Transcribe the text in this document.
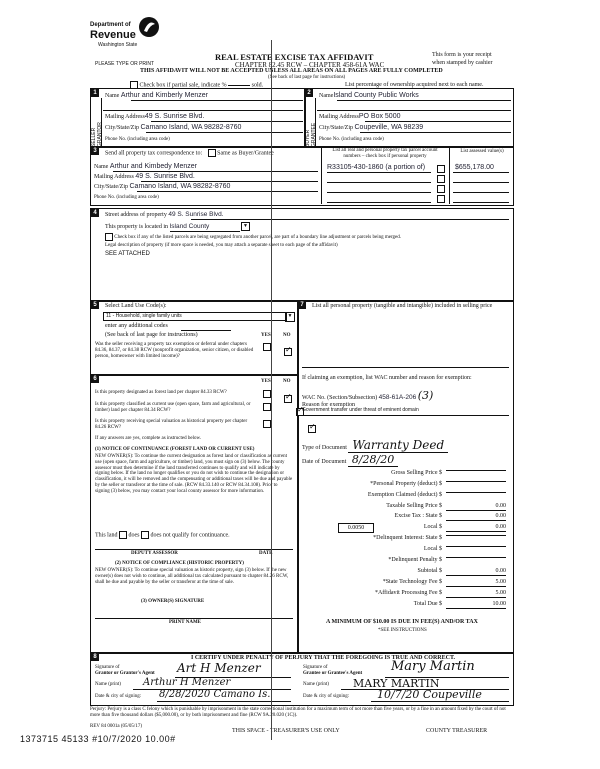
Department of
Revenue
Washington State
PLEASE TYPE OR PRINT
REAL ESTATE EXCISE TAX AFFIDAVIT
CHAPTER 82.45 RCW – CHAPTER 458-61A WAC
This form is your receipt
when stamped by cashier
THIS AFFIDAVIT WILL NOT BE ACCEPTED UNLESS ALL AREAS ON ALL PAGES ARE FULLY COMPLETED
(See back of last page for instructions)
Check box if partial sale, indicate %	sold.	List percentage of ownership acquired next to each name.
1
SELLER GRANTOR
Name Arthur and Kimberly Menzer
Mailing Address49 S. Sunrise Blvd.
City/State/Zip Camano Island, WA 98282-8760
Phone No. (including area code)
2
BUYER GRANTEE
NameIsland County Public Works
Mailing AddressPO Box 5000
City/State/Zip Coupeville, WA 98239
Phone No. (including area code)
3	Send all property tax correspondence to:	Same as Buyer/Grantee	List all real and personal property tax parcel account numbers – check box if personal property
List assessed value(s)
Name Arthur and Kimbedy Menzer
Mailing Address 49 S. Sunrise Blvd.
City/State/Zip Camano Island, WA 98282-8760
Phone No. (including area code)
R33105-430-1860 (a portion of)	$655,178.00
4	Street address of property 49 S. Sunrise Blvd.
This property is located in Island County	▼
Check box if any of the listed parcels are being segregated from another parcel, are part of a boundary line adjustment or parcels being merged.
Legal description of property (if more space is needed, you may attach a separate sheet to each page of the affidavit)
SEE ATTACHED
5	Select Land Use Code(s):
11 - Household, single family units	▼
enter any additional codes
(See back of last page for instructions)	YES NO
Was the seller receiving a property tax exemption or deferral under chapters 84.36, 84.37, or 84.38 RCW (nonprofit organization, senior citizen, or disabled person, homeowner with limited income)?
✓
6	YES NO
Is this property designated as forest land per chapter 84.33 RCW?
✓
Is this property classified as current use (open space, farm and agricultural, or timber) land per chapter 84.34 RCW?
✓
Is this property receiving special valuation as historical property per chapter 84.26 RCW?
✓
If any answers are yes, complete as instructed below.
(1) NOTICE OF CONTINUANCE (FOREST LAND OR CURRENT USE)
NEW OWNER(S): To continue the current designation as forest land or classification as current use (open space, farm and agriculture, or timber) land, you must sign on (3) below. The county assessor must then determine if the land transferred continues to qualify and will indicate by signing below. If the land no longer qualifies or you do not wish to continue the designation or classification, it will be removed and the compensating or additional taxes will be due and payable by the seller or transferor at the time of sale. (RCW 84.33.140 or RCW 84.34.108). Prior to signing (3) below, you may contact your local county assessor for more information.
This land does does not qualify for continuance.
DEPUTY ASSESSOR	DATE
(2) NOTICE OF COMPLIANCE (HISTORIC PROPERTY)
NEW OWNER(S): To continue special valuation as historic property, sign (3) below. If the new owner(s) does not wish to continue, all additional tax calculated pursuant to chapter 84.26 RCW, shall be due and payable by the seller or transferor at the time of sale.
(3) OWNER(S) SIGNATURE
PRINT NAME
7	List all personal property (tangible and intangible) included in selling price
If claiming an exemption, list WAC number and reason for exemption:
WAC No. (Section/Subsection) 458-61A-206 (3)
Reason for exemption
Government transfer under threat of eminent domain
Type of Document Warranty Deed
Date of Document 8/28/20
Gross Selling Price $
*Personal Property (deduct) $
Exemption Claimed (deduct) $
Taxable Selling Price $	0.00
Excise Tax : State $	0.00
0.0050	Local $	0.00
*Delinquent Interest: State $
Local $
*Delinquent Penalty $
Subtotal $	0.00
*State Technology Fee $	5.00
*Affidavit Processing Fee $	5.00
Total Due $	10.00
A MINIMUM OF $10.00 IS DUE IN FEE(S) AND/OR TAX
*SEE INSTRUCTIONS
8	I CERTIFY UNDER PENALTY OF PERJURY THAT THE FOREGOING IS TRUE AND CORRECT.
Signature of
Grantor or Grantor's Agent Art H Menzer
Name (print) Arthur H Menzer
Date & city of signing: 8/28/2020 Camano Is.
Signature of
Grantee or Grantee's Agent Mary Martin
Name (print) MARY MARTIN
Date & city of signing:	10/7/20 Coupeville
Perjury: Perjury is a class C felony which is punishable by imprisonment in the state correctional institution for a maximum term of not more than five years, or by a fine in an amount fixed by the court of not more than five thousand dollars ($5,000.00), or by both imprisonment and fine (RCW 9A.20.020 (1C)).
REV 84 0001a (05/05/17)
1373715 45133 #10/7/2020 10.00#
THIS SPACE - TREASURER'S USE ONLY	COUNTY TREASURER
